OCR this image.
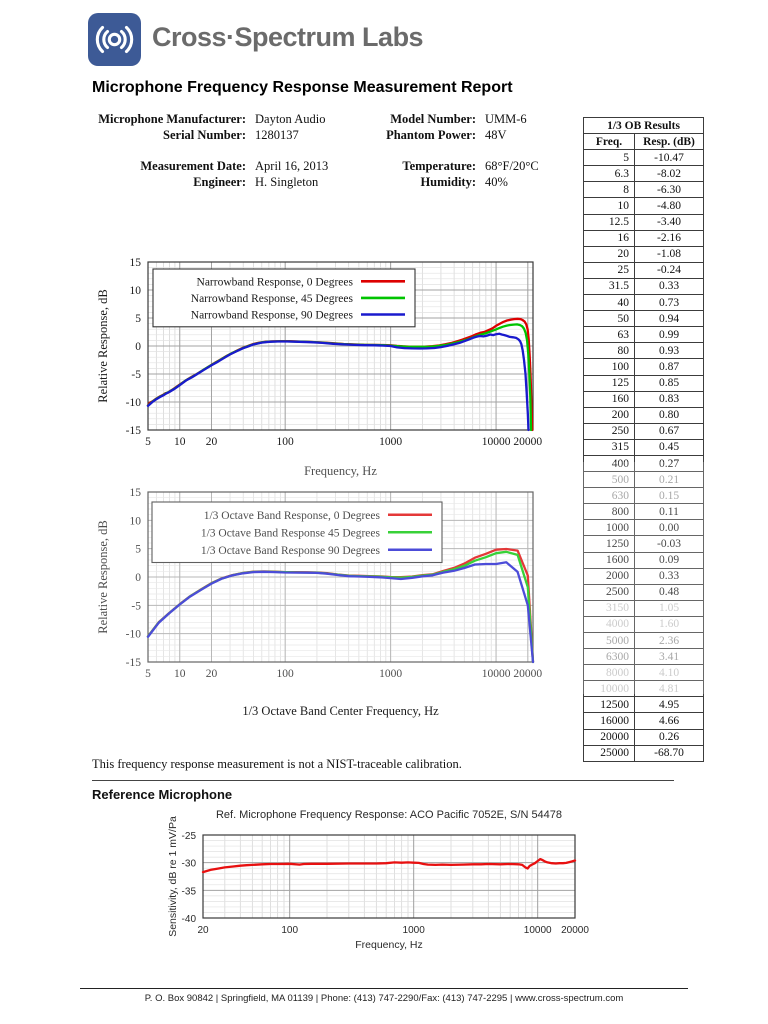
Cross·Spectrum Labs
Microphone Frequency Response Measurement Report
Microphone Manufacturer: Dayton Audio	Model Number: UMM-6
Serial Number: 1280137	Phantom Power: 48V
Measurement Date: April 16, 2013	Temperature: 68°F/20°C
Engineer: H. Singleton	Humidity: 40%
1/3 OB Results	
Freq.	Resp. (dB)
5	-10.47
6.3	-8.02
8	-6.30
10	-4.80
12.5	-3.40
16	-2.16
20	-1.08
25	-0.24
31.5	0.33
40	0.73
50	0.94
63	0.99
80	0.93
100	0.87
125	0.85
160	0.83
200	0.80
250	0.67
315	0.45
400	0.27
500	0.21
630	0.15
800	0.11
1000	0.00
1250	-0.03
1600	0.09
2000	0.33
2500	0.48
3150	1.05
4000	1.60
5000	2.36
6300	3.41
8000	4.10
10000	4.81
12500	4.95
16000	4.66
20000	0.26
25000	-68.70
5 10 20	100	1000	10000 20000
-15
-10
-5
0
5
10
15
Frequency, Hz
Relative Response, dB
Narrowband Response, 0 Degrees
Narrowband Response, 45 Degrees
Narrowband Response, 90 Degrees
5 10 20	100	1000	10000 20000
-15
-10
-5
0
5
10
15
1/3 Octave Band Center Frequency, Hz
Relative Response, dB
1/3 Octave Band Response, 0 Degrees
1/3 Octave Band Response 45 Degrees
1/3 Octave Band Response 90 Degrees
This frequency response measurement is not a NIST-traceable calibration.
Reference Microphone
20	100	1000	10000 20000
-40
-35
-30
-25
Ref. Microphone Frequency Response: ACO Pacific 7052E, S/N 54478
Frequency, Hz
Sensitivity, dB re 1 mV/Pa
P. O. Box 90842 | Springfield, MA 01139 | Phone: (413) 747-2290/Fax: (413) 747-2295 | www.cross-spectrum.com
